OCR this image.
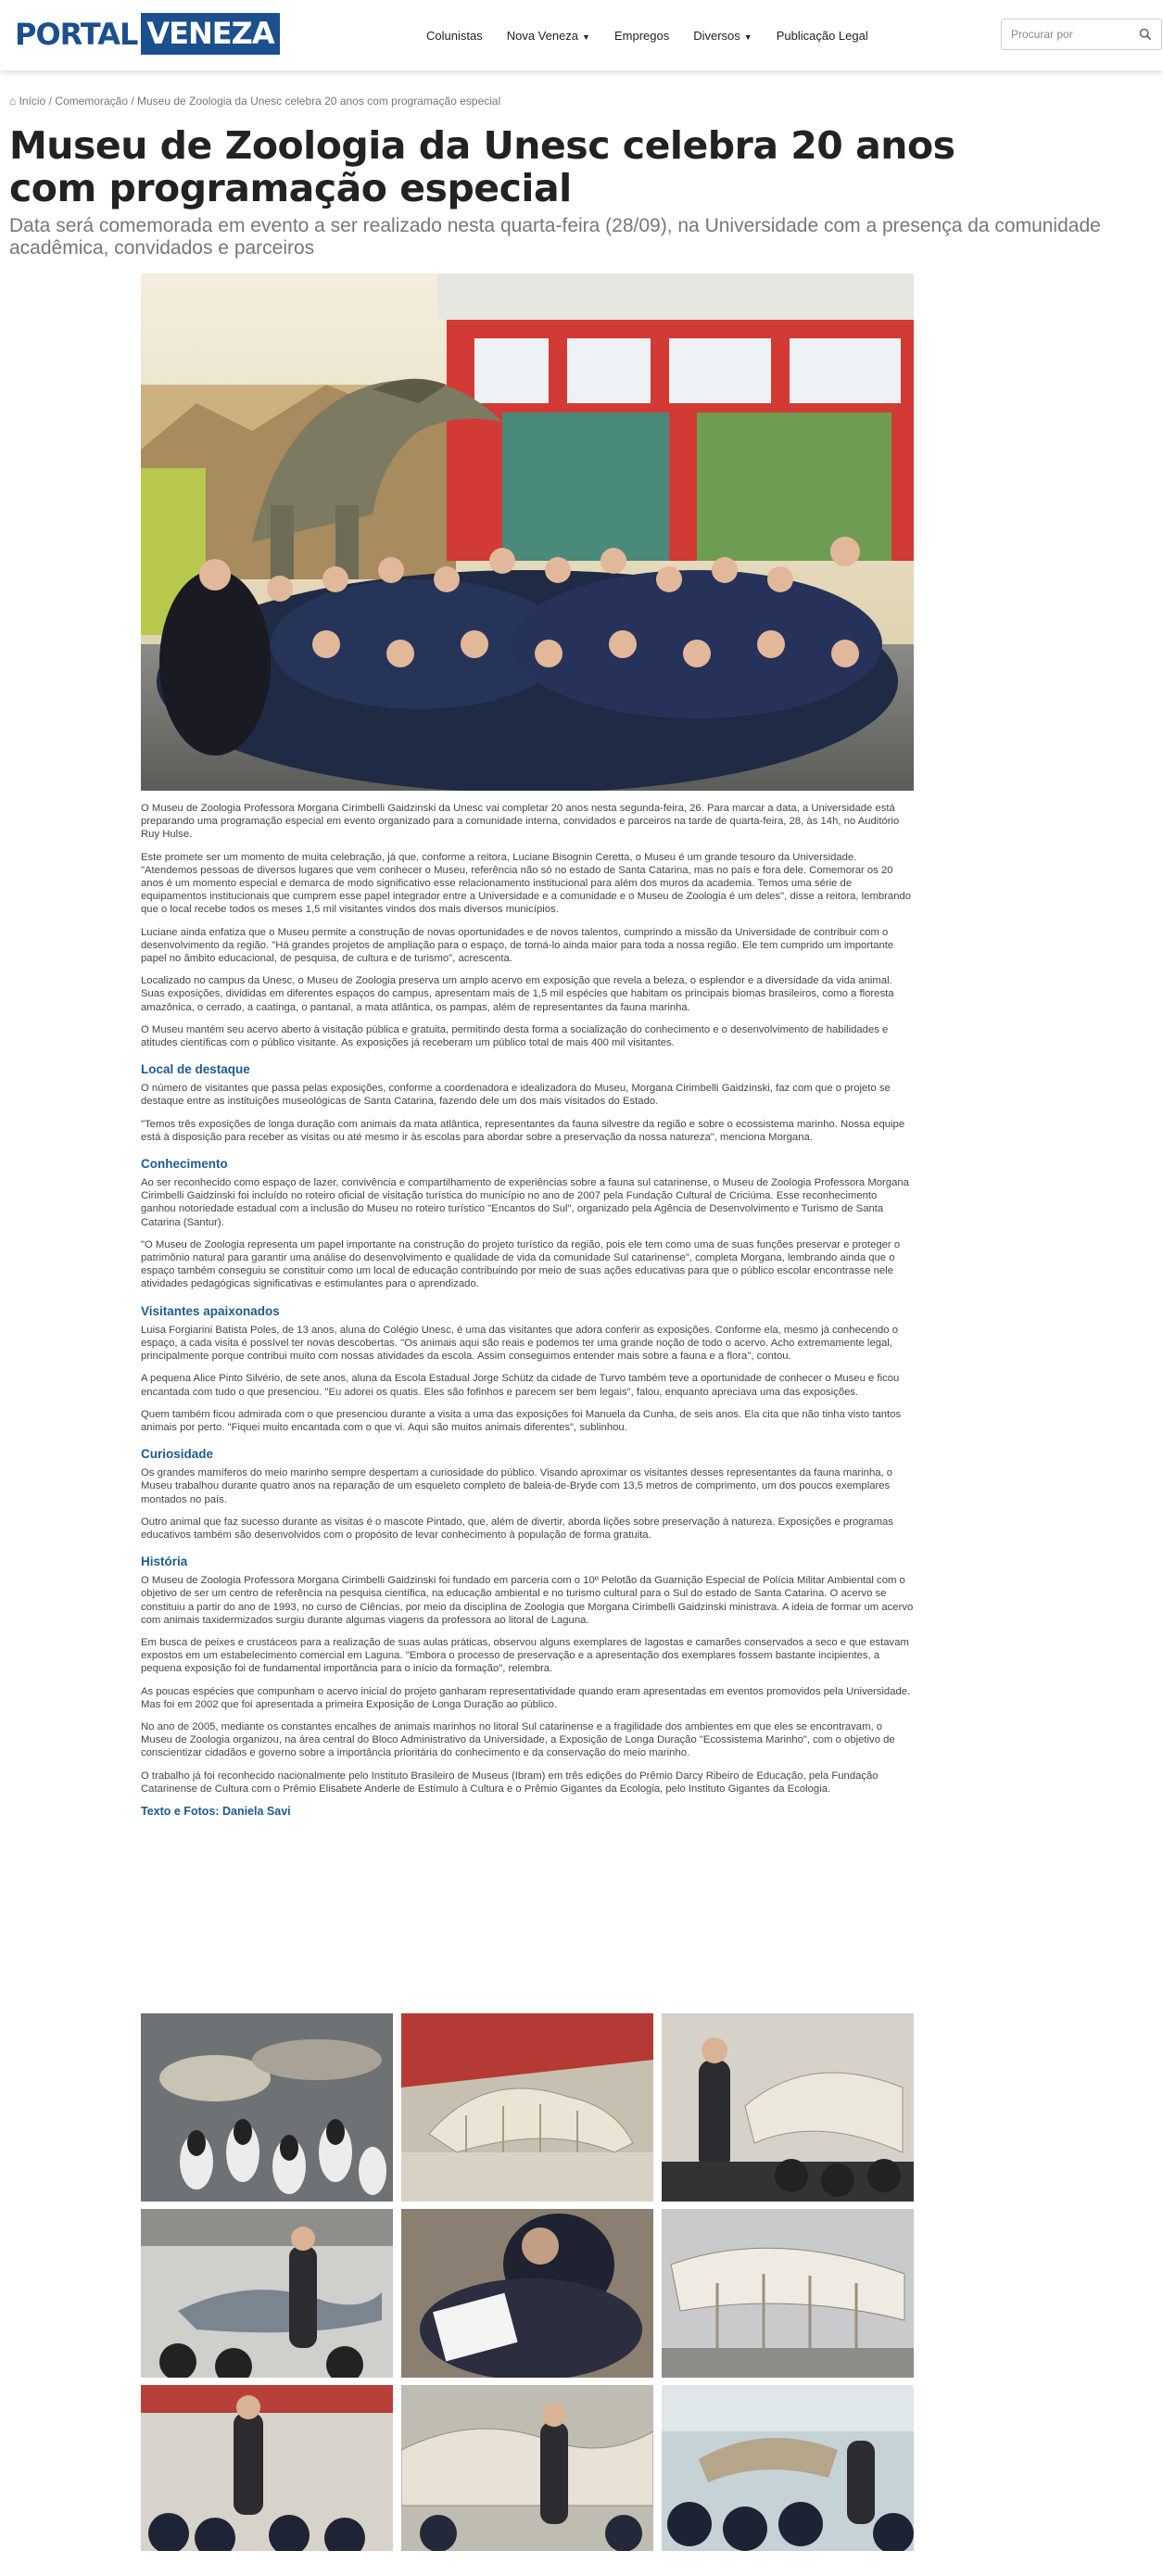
PORTAL VENEZA	Colunistas Nova Veneza ▼ Empregos Diversos ▼ Publicação Legal
Procurar por
⌂ Início / Comemoração / Museu de Zoologia da Unesc celebra 20 anos com programação especial
Museu de Zoologia da Unesc celebra 20 anos com programação especial

Data será comemorada em evento a ser realizado nesta quarta-feira (28/09), na Universidade com a presença da comunidade acadêmica, convidados e parceiros

O Museu de Zoologia Professora Morgana Cirimbelli Gaidzinski da Unesc vai completar 20 anos nesta segunda-feira, 26. Para marcar a data, a Universidade está preparando uma programação especial em evento organizado para a comunidade interna, convidados e parceiros na tarde de quarta-feira, 28, às 14h, no Auditório Ruy Hulse.

Este promete ser um momento de muita celebração, já que, conforme a reitora, Luciane Bisognin Ceretta, o Museu é um grande tesouro da Universidade. "Atendemos pessoas de diversos lugares que vem conhecer o Museu, referência não só no estado de Santa Catarina, mas no país e fora dele. Comemorar os 20 anos é um momento especial e demarca de modo significativo esse relacionamento institucional para além dos muros da academia. Temos uma série de equipamentos institucionais que cumprem esse papel integrador entre a Universidade e a comunidade e o Museu de Zoologia é um deles", disse a reitora, lembrando que o local recebe todos os meses 1,5 mil visitantes vindos dos mais diversos municípios.

Luciane ainda enfatiza que o Museu permite a construção de novas oportunidades e de novos talentos, cumprindo a missão da Universidade de contribuir com o desenvolvimento da região. "Há grandes projetos de ampliação para o espaço, de torná-lo ainda maior para toda a nossa região. Ele tem cumprido um importante papel no âmbito educacional, de pesquisa, de cultura e de turismo", acrescenta.

Localizado no campus da Unesc, o Museu de Zoologia preserva um amplo acervo em exposição que revela a beleza, o esplendor e a diversidade da vida animal. Suas exposições, divididas em diferentes espaços do campus, apresentam mais de 1,5 mil espécies que habitam os principais biomas brasileiros, como a floresta amazônica, o cerrado, a caatinga, o pantanal, a mata atlântica, os pampas, além de representantes da fauna marinha.

O Museu mantém seu acervo aberto à visitação pública e gratuita, permitindo desta forma a socialização do conhecimento e o desenvolvimento de habilidades e atitudes científicas com o público visitante. As exposições já receberam um público total de mais 400 mil visitantes.

Local de destaque

O número de visitantes que passa pelas exposições, conforme a coordenadora e idealizadora do Museu, Morgana Cirimbelli Gaidzinski, faz com que o projeto se destaque entre as instituições museológicas de Santa Catarina, fazendo dele um dos mais visitados do Estado.

"Temos três exposições de longa duração com animais da mata atlântica, representantes da fauna silvestre da região e sobre o ecossistema marinho. Nossa equipe está à disposição para receber as visitas ou até mesmo ir às escolas para abordar sobre a preservação da nossa natureza", menciona Morgana.

Conhecimento

Ao ser reconhecido como espaço de lazer, convivência e compartilhamento de experiências sobre a fauna sul catarinense, o Museu de Zoologia Professora Morgana Cirimbelli Gaidzinski foi incluído no roteiro oficial de visitação turística do município no ano de 2007 pela Fundação Cultural de Criciúma. Esse reconhecimento ganhou notoriedade estadual com a inclusão do Museu no roteiro turístico "Encantos do Sul", organizado pela Agência de Desenvolvimento e Turismo de Santa Catarina (Santur).

"O Museu de Zoologia representa um papel importante na construção do projeto turístico da região, pois ele tem como uma de suas funções preservar e proteger o patrimônio natural para garantir uma análise do desenvolvimento e qualidade de vida da comunidade Sul catarinense", completa Morgana, lembrando ainda que o espaço também conseguiu se constituir como um local de educação contribuindo por meio de suas ações educativas para que o público escolar encontrasse nele atividades pedagógicas significativas e estimulantes para o aprendizado.

Visitantes apaixonados

Luisa Forgiarini Batista Poles, de 13 anos, aluna do Colégio Unesc, é uma das visitantes que adora conferir as exposições. Conforme ela, mesmo já conhecendo o espaço, a cada visita é possível ter novas descobertas. "Os animais aqui são reais e podemos ter uma grande noção de todo o acervo. Acho extremamente legal, principalmente porque contribui muito com nossas atividades da escola. Assim conseguimos entender mais sobre a fauna e a flora", contou.

A pequena Alice Pinto Silvério, de sete anos, aluna da Escola Estadual Jorge Schütz da cidade de Turvo também teve a oportunidade de conhecer o Museu e ficou encantada com tudo o que presenciou. "Eu adorei os quatis. Eles são fofinhos e parecem ser bem legais", falou, enquanto apreciava uma das exposições.

Quem também ficou admirada com o que presenciou durante a visita a uma das exposições foi Manuela da Cunha, de seis anos. Ela cita que não tinha visto tantos animais por perto. "Fiquei muito encantada com o que vi. Aqui são muitos animais diferentes", sublinhou.

Curiosidade

Os grandes mamíferos do meio marinho sempre despertam a curiosidade do público. Visando aproximar os visitantes desses representantes da fauna marinha, o Museu trabalhou durante quatro anos na reparação de um esqueleto completo de baleia-de-Bryde com 13,5 metros de comprimento, um dos poucos exemplares montados no país.

Outro animal que faz sucesso durante as visitas é o mascote Pintado, que, além de divertir, aborda lições sobre preservação à natureza. Exposições e programas educativos também são desenvolvidos com o propósito de levar conhecimento à população de forma gratuita.

História

O Museu de Zoologia Professora Morgana Cirimbelli Gaidzinski foi fundado em parceria com o 10º Pelotão da Guarnição Especial de Polícia Militar Ambiental com o objetivo de ser um centro de referência na pesquisa científica, na educação ambiental e no turismo cultural para o Sul do estado de Santa Catarina. O acervo se constituiu a partir do ano de 1993, no curso de Ciências, por meio da disciplina de Zoologia que Morgana Cirimbelli Gaidzinski ministrava. A ideia de formar um acervo com animais taxidermizados surgiu durante algumas viagens da professora ao litoral de Laguna.

Em busca de peixes e crustáceos para a realização de suas aulas práticas, observou alguns exemplares de lagostas e camarões conservados a seco e que estavam expostos em um estabelecimento comercial em Laguna. "Embora o processo de preservação e a apresentação dos exemplares fossem bastante incipientes, a pequena exposição foi de fundamental importância para o início da formação", relembra.

As poucas espécies que compunham o acervo inicial do projeto ganharam representatividade quando eram apresentadas em eventos promovidos pela Universidade. Mas foi em 2002 que foi apresentada a primeira Exposição de Longa Duração ao público.

No ano de 2005, mediante os constantes encalhes de animais marinhos no litoral Sul catarinense e a fragilidade dos ambientes em que eles se encontravam, o Museu de Zoologia organizou, na área central do Bloco Administrativo da Universidade, a Exposição de Longa Duração "Ecossistema Marinho", com o objetivo de conscientizar cidadãos e governo sobre a importância prioritária do conhecimento e da conservação do meio marinho.

O trabalho já foi reconhecido nacionalmente pelo Instituto Brasileiro de Museus (Ibram) em três edições do Prêmio Darcy Ribeiro de Educação, pela Fundação Catarinense de Cultura com o Prêmio Elisabete Anderle de Estímulo à Cultura e o Prêmio Gigantes da Ecologia, pelo Instituto Gigantes da Ecologia.

Texto e Fotos: Daniela Savi
